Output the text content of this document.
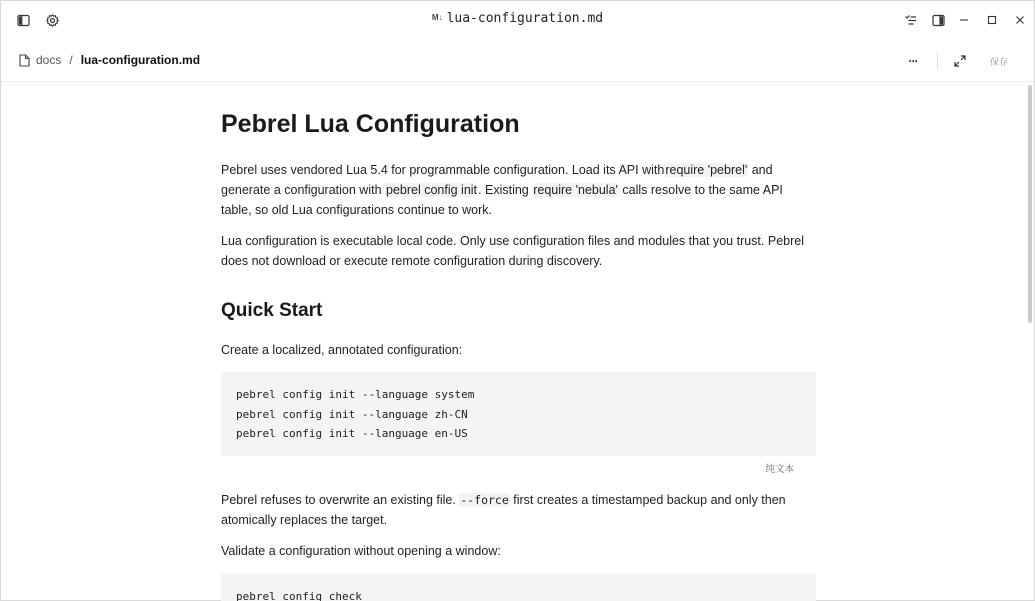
M↓ lua-configuration.md
docs / lua-configuration.md	···	保存
Pebrel Lua Configuration
Pebrel uses vendored Lua 5.4 for programmable configuration. Load its API withrequire 'pebrel' and generate a configuration with pebrel config init. Existing require 'nebula' calls resolve to the same API table, so old Lua configurations continue to work.
Lua configuration is executable local code. Only use configuration files and modules that you trust. Pebrel does not download or execute remote configuration during discovery.
Quick Start
Create a localized, annotated configuration:
pebrel config init --language system
pebrel config init --language zh-CN
pebrel config init --language en-US
纯文本
Pebrel refuses to overwrite an existing file. --force first creates a timestamped backup and only then atomically replaces the target.
Validate a configuration without opening a window:
pebrel config check
